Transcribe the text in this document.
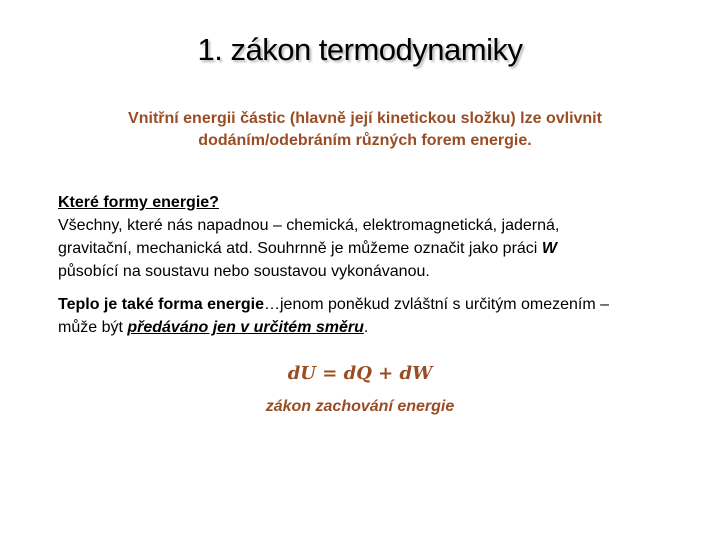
1. zákon termodynamiky
Vnitřní energii částic (hlavně její kinetickou složku) lze ovlivnit
dodáním/odebráním různých forem energie.

Které formy energie?

Všechny, které nás napadnou – chemická, elektromagnetická, jaderná,

gravitační, mechanická atd. Souhrnně je můžeme označit jako práci W

působící na soustavu nebo soustavou vykonávanou.

Teplo je také forma energie…jenom poněkud zvláštní s určitým omezením –

může být předáváno jen v určitém směru.

𝒅𝑼 = 𝒅𝑸 + 𝒅𝑾
zákon zachování energie
